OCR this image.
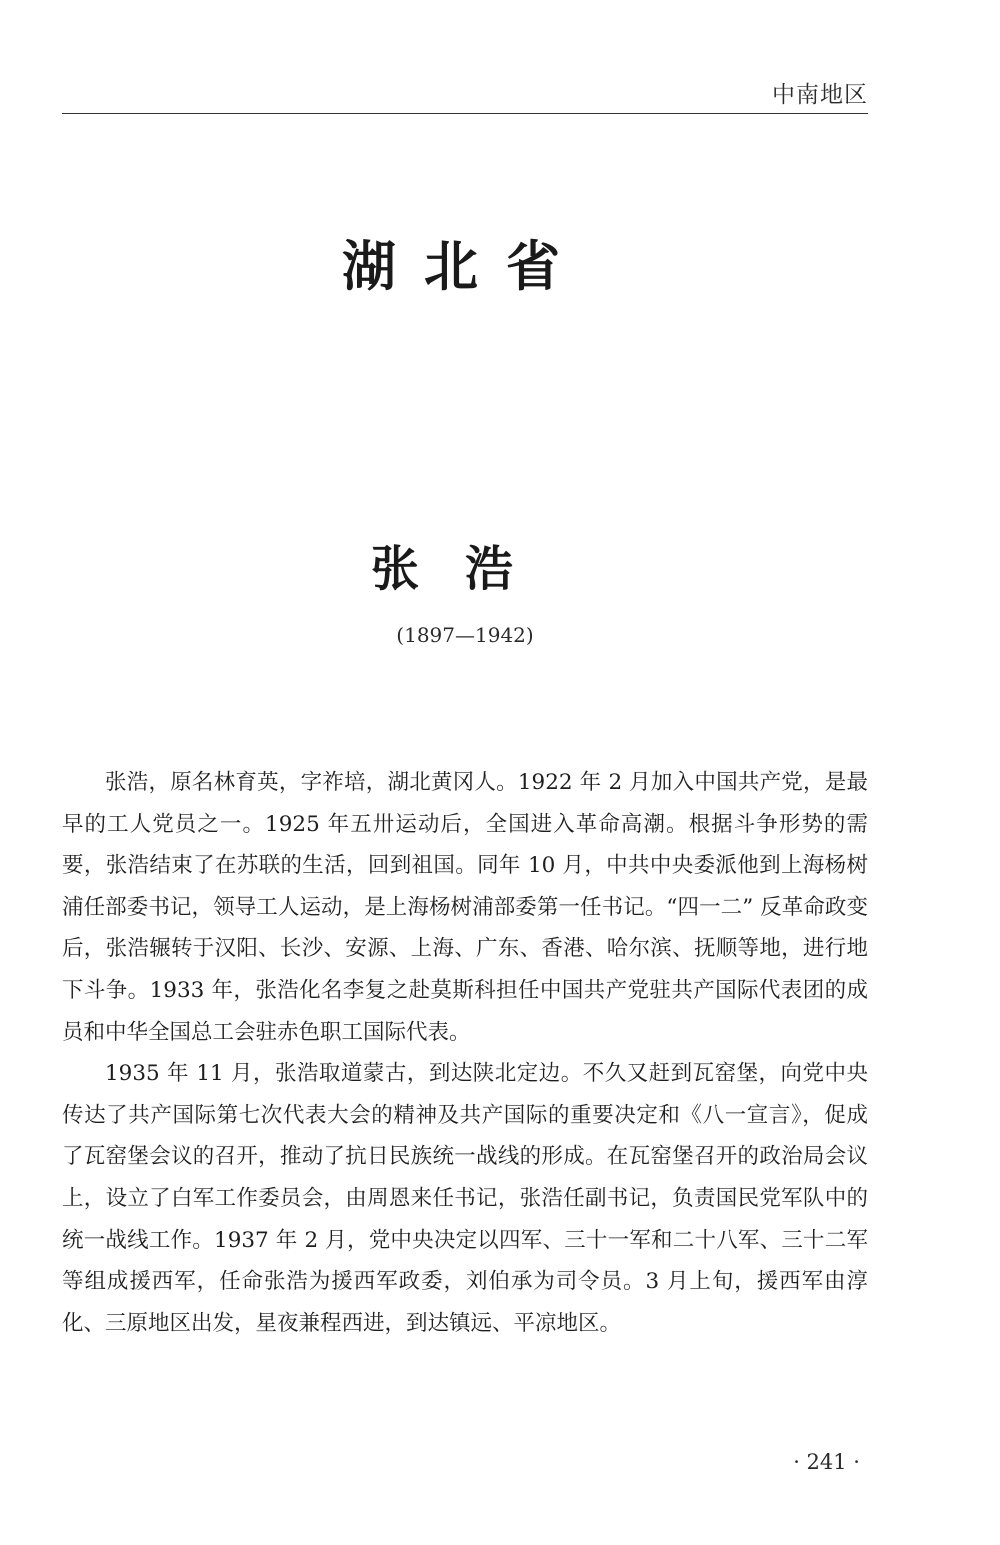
中南地区
湖北省
张浩
(1897—1942)

张浩，原名林育英，字祚培，湖北黄冈人。1922 年 2 月加入中国共产党，是最早的工人党员之一。1925 年五卅运动后，全国进入革命高潮。根据斗争形势的需要，张浩结束了在苏联的生活，回到祖国。同年 10 月，中共中央委派他到上海杨树浦任部委书记，领导工人运动，是上海杨树浦部委第一任书记。“四一二” 反革命政变后，张浩辗转于汉阳、长沙、安源、上海、广东、香港、哈尔滨、抚顺等地，进行地下斗争。1933 年，张浩化名李复之赴莫斯科担任中国共产党驻共产国际代表团的成员和中华全国总工会驻赤色职工国际代表。

1935 年 11 月，张浩取道蒙古，到达陕北定边。不久又赶到瓦窑堡，向党中央传达了共产国际第七次代表大会的精神及共产国际的重要决定和《八一宣言》，促成了瓦窑堡会议的召开，推动了抗日民族统一战线的形成。在瓦窑堡召开的政治局会议上，设立了白军工作委员会，由周恩来任书记，张浩任副书记，负责国民党军队中的统一战线工作。1937 年 2 月，党中央决定以四军、三十一军和二十八军、三十二军等组成援西军，任命张浩为援西军政委，刘伯承为司令员。3 月上旬，援西军由淳化、三原地区出发，星夜兼程西进，到达镇远、平凉地区。

· 241 ·
